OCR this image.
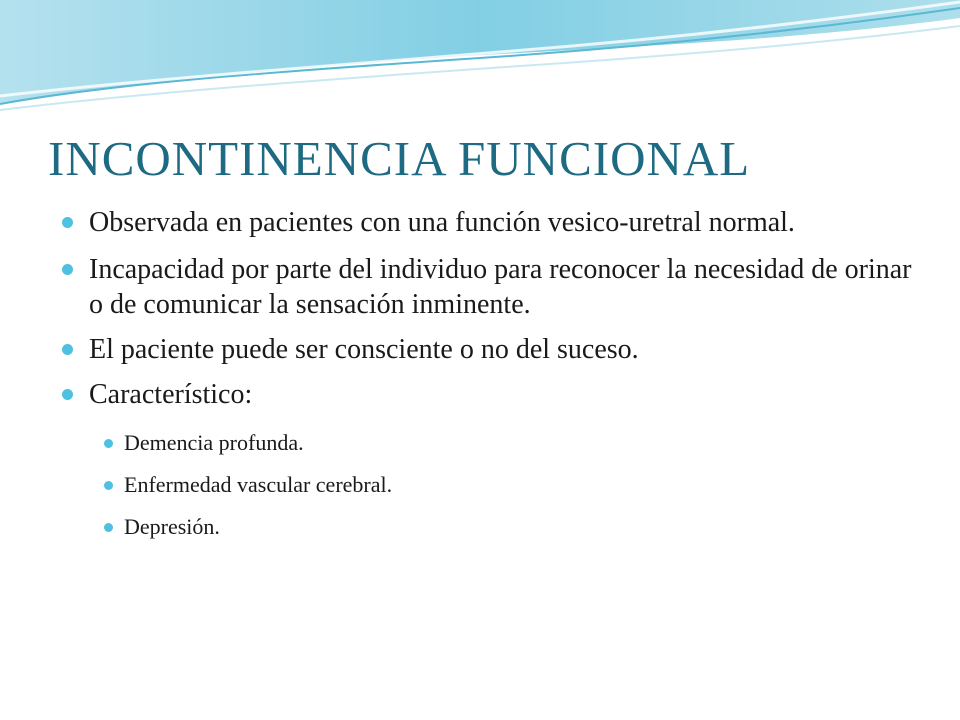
INCONTINENCIA FUNCIONAL
Observada en pacientes con una función vesico-uretral normal.
Incapacidad por parte del individuo para reconocer la necesidad de orinar o de comunicar la sensación inminente.
El paciente puede ser consciente o no del suceso.
Característico:
Demencia profunda.
Enfermedad vascular cerebral.
Depresión.
